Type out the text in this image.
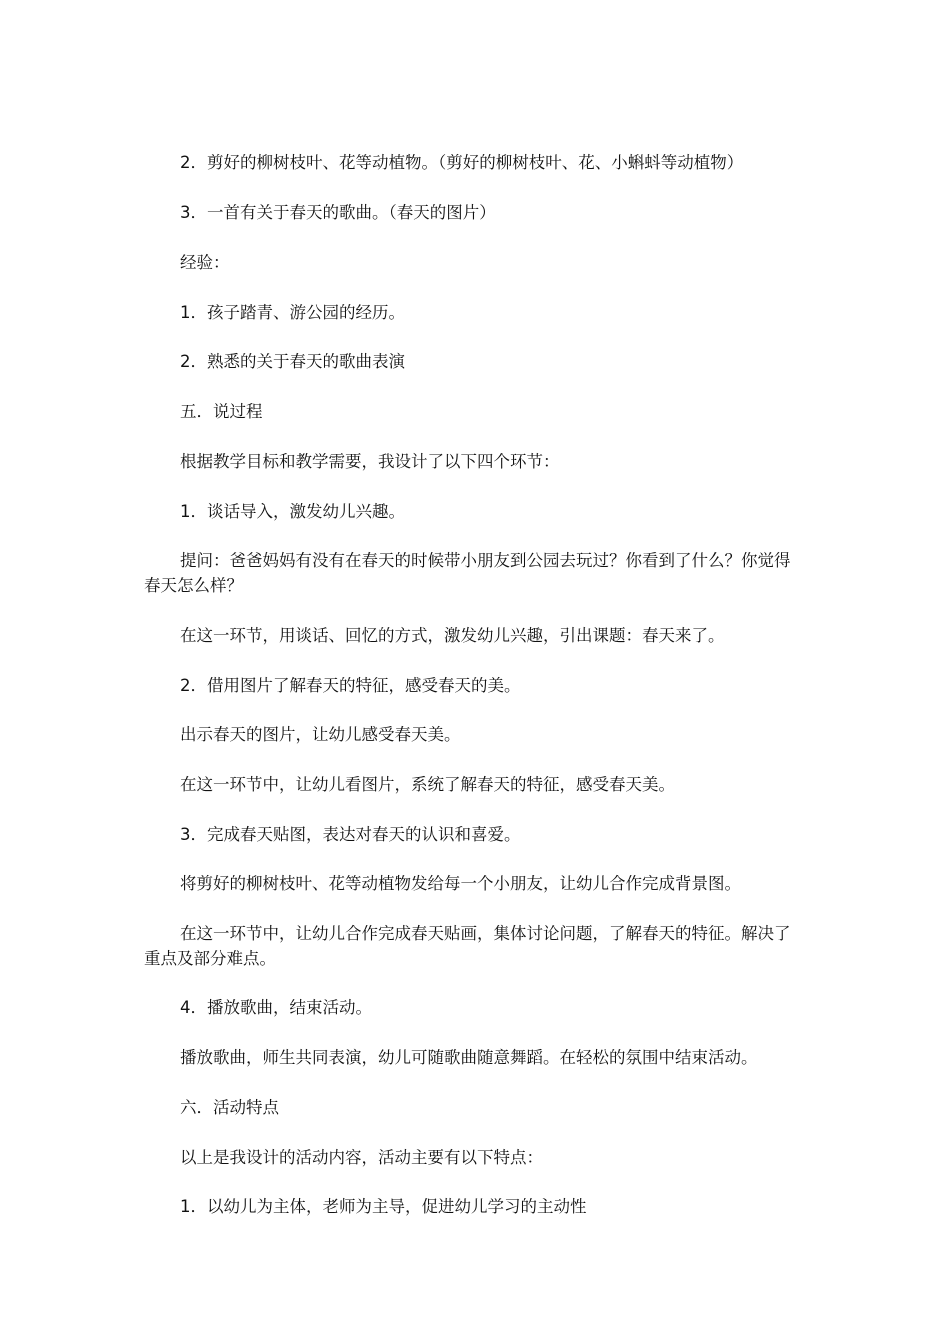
2．剪好的柳树枝叶、花等动植物。（剪好的柳树枝叶、花、小蝌蚪等动植物）

3．一首有关于春天的歌曲。（春天的图片）

经验：

1．孩子踏青、游公园的经历。

2．熟悉的关于春天的歌曲表演

五．说过程

根据教学目标和教学需要，我设计了以下四个环节：

1．谈话导入，激发幼儿兴趣。

提问：爸爸妈妈有没有在春天的时候带小朋友到公园去玩过？你看到了什么？你觉得春天怎么样？

在这一环节，用谈话、回忆的方式，激发幼儿兴趣，引出课题：春天来了。

2．借用图片了解春天的特征，感受春天的美。

出示春天的图片，让幼儿感受春天美。

在这一环节中，让幼儿看图片，系统了解春天的特征，感受春天美。

3．完成春天贴图，表达对春天的认识和喜爱。

将剪好的柳树枝叶、花等动植物发给每一个小朋友，让幼儿合作完成背景图。

在这一环节中，让幼儿合作完成春天贴画，集体讨论问题，了解春天的特征。解决了重点及部分难点。

4．播放歌曲，结束活动。

播放歌曲，师生共同表演，幼儿可随歌曲随意舞蹈。在轻松的氛围中结束活动。

六．活动特点

以上是我设计的活动内容，活动主要有以下特点：

1．以幼儿为主体，老师为主导，促进幼儿学习的主动性
